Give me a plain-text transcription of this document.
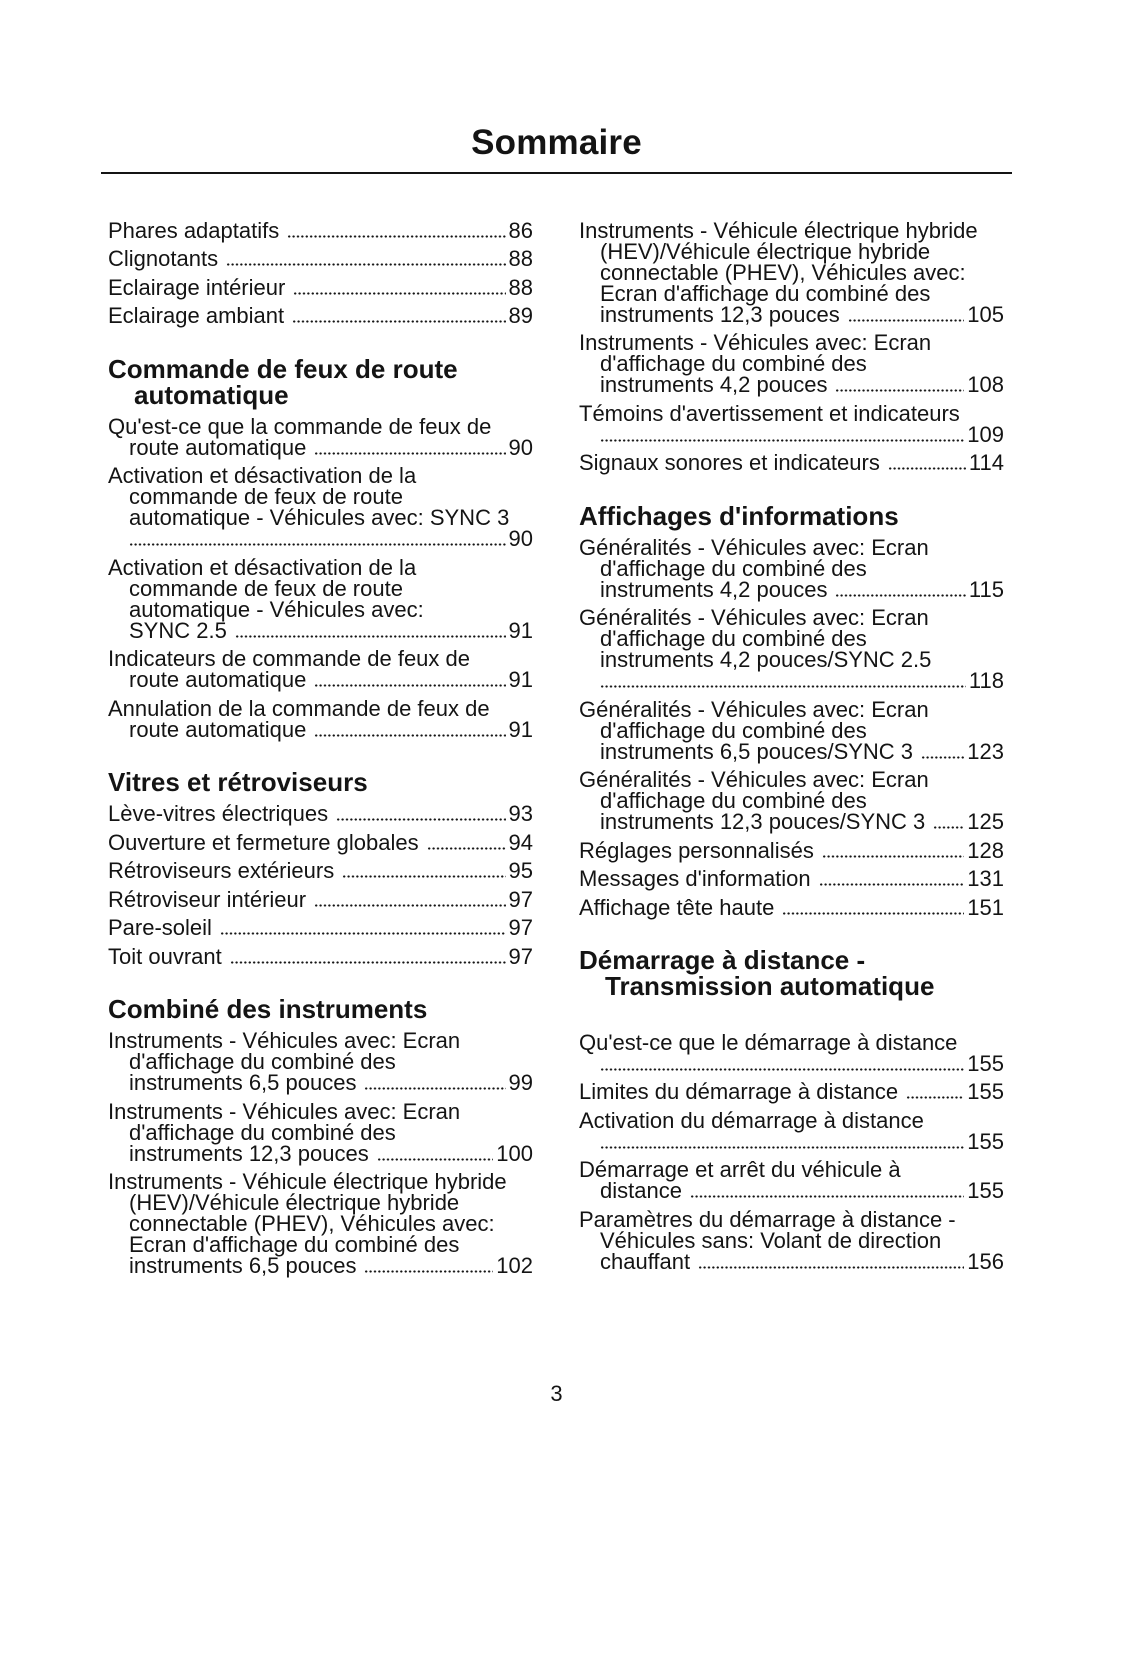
Sommaire
Phares adaptatifs	86
Clignotants	88
Eclairage intérieur	88
Eclairage ambiant	89
Commande de feux de route
automatique
Qu'est-ce que la commande de feux de
route automatique	90
Activation et désactivation de la
commande de feux de route
automatique - Véhicules avec: SYNC 3
90
Activation et désactivation de la
commande de feux de route
automatique - Véhicules avec:
SYNC 2.5	91
Indicateurs de commande de feux de
route automatique	91
Annulation de la commande de feux de
route automatique	91
Vitres et rétroviseurs
Lève-vitres électriques	93
Ouverture et fermeture globales	94
Rétroviseurs extérieurs	95
Rétroviseur intérieur	97
Pare-soleil	97
Toit ouvrant	97
Combiné des instruments
Instruments - Véhicules avec: Ecran
d'affichage du combiné des
instruments 6,5 pouces	99
Instruments - Véhicules avec: Ecran
d'affichage du combiné des
instruments 12,3 pouces	100
Instruments - Véhicule électrique hybride
(HEV)/Véhicule électrique hybride
connectable (PHEV), Véhicules avec:
Ecran d'affichage du combiné des
instruments 6,5 pouces	102
Instruments - Véhicule électrique hybride
(HEV)/Véhicule électrique hybride
connectable (PHEV), Véhicules avec:
Ecran d'affichage du combiné des
instruments 12,3 pouces	105
Instruments - Véhicules avec: Ecran
d'affichage du combiné des
instruments 4,2 pouces	108
Témoins d'avertissement et indicateurs
109
Signaux sonores et indicateurs	114
Affichages d'informations
Généralités - Véhicules avec: Ecran
d'affichage du combiné des
instruments 4,2 pouces	115
Généralités - Véhicules avec: Ecran
d'affichage du combiné des
instruments 4,2 pouces/SYNC 2.5
118
Généralités - Véhicules avec: Ecran
d'affichage du combiné des
instruments 6,5 pouces/SYNC 3 123
Généralités - Véhicules avec: Ecran
d'affichage du combiné des
instruments 12,3 pouces/SYNC 3 125
Réglages personnalisés	128
Messages d'information	131
Affichage tête haute	151
Démarrage à distance -
Transmission automatique
Qu'est-ce que le démarrage à distance
155
Limites du démarrage à distance	155
Activation du démarrage à distance
155
Démarrage et arrêt du véhicule à
distance	155
Paramètres du démarrage à distance -
Véhicules sans: Volant de direction
chauffant	156
3
